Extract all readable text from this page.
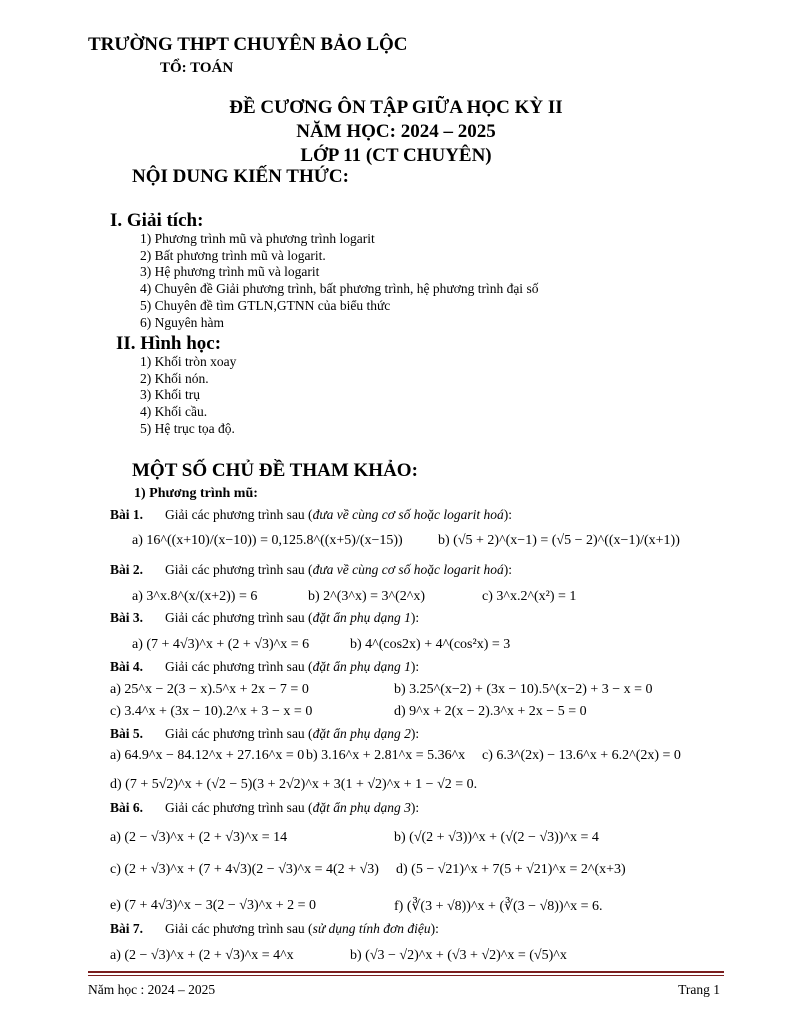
TRƯỜNG THPT CHUYÊN BẢO LỘC
TỔ: TOÁN
ĐỀ CƯƠNG ÔN TẬP GIỮA HỌC KỲ II
NĂM HỌC: 2024 – 2025
LỚP 11 (CT CHUYÊN)
NỘI DUNG KIẾN THỨC:
I. Giải tích:
1) Phương trình mũ và phương trình logarit
2) Bất phương trình mũ và logarit.
3) Hệ phương trình mũ và logarit
4) Chuyên đề Giải phương trình, bất phương trình, hệ phương trình đại số
5) Chuyên đề tìm GTLN,GTNN của biểu thức
6) Nguyên hàm
II. Hình học:
1) Khối tròn xoay
2) Khối nón.
3) Khối trụ
4) Khối cầu.
5) Hệ trục tọa độ.
MỘT SỐ CHỦ ĐỀ THAM KHẢO:
1) Phương trình mũ:
Bài 1. Giải các phương trình sau (đưa về cùng cơ số hoặc logarit hoá):
a) 16^((x+10)/(x−10)) = 0,125.8^((x+5)/(x−15))	b) (√5 + 2)^(x−1) = (√5 − 2)^((x−1)/(x+1))
Bài 2. Giải các phương trình sau (đưa về cùng cơ số hoặc logarit hoá):
a) 3^x.8^(x/(x+2)) = 6	b) 2^(3^x) = 3^(2^x)	c) 3^x.2^(x²) = 1
Bài 3. Giải các phương trình sau (đặt ẩn phụ dạng 1):
a) (7 + 4√3)^x + (2 + √3)^x = 6	b) 4^(cos2x) + 4^(cos²x) = 3
Bài 4. Giải các phương trình sau (đặt ẩn phụ dạng 1):
a) 25^x − 2(3 − x).5^x + 2x − 7 = 0	b) 3.25^(x−2) + (3x − 10).5^(x−2) + 3 − x = 0
c) 3.4^x + (3x − 10).2^x + 3 − x = 0	d) 9^x + 2(x − 2).3^x + 2x − 5 = 0
Bài 5. Giải các phương trình sau (đặt ẩn phụ dạng 2):
a) 64.9^x − 84.12^x + 27.16^x = 0 b) 3.16^x + 2.81^x = 5.36^x c) 6.3^(2x) − 13.6^x + 6.2^(2x) = 0
d) (7 + 5√2)^x + (√2 − 5)(3 + 2√2)^x + 3(1 + √2)^x + 1 − √2 = 0.
Bài 6. Giải các phương trình sau (đặt ẩn phụ dạng 3):
a) (2 − √3)^x + (2 + √3)^x = 14	b) (√(2 + √3))^x + (√(2 − √3))^x = 4
c) (2 + √3)^x + (7 + 4√3)(2 − √3)^x = 4(2 + √3) d) (5 − √21)^x + 7(5 + √21)^x = 2^(x+3)
e) (7 + 4√3)^x − 3(2 − √3)^x + 2 = 0	f) (∛(3 + √8))^x + (∛(3 − √8))^x = 6.
Bài 7. Giải các phương trình sau (sử dụng tính đơn điệu):
a) (2 − √3)^x + (2 + √3)^x = 4^x	b) (√3 − √2)^x + (√3 + √2)^x = (√5)^x
Năm học : 2024 – 2025	Trang 1
